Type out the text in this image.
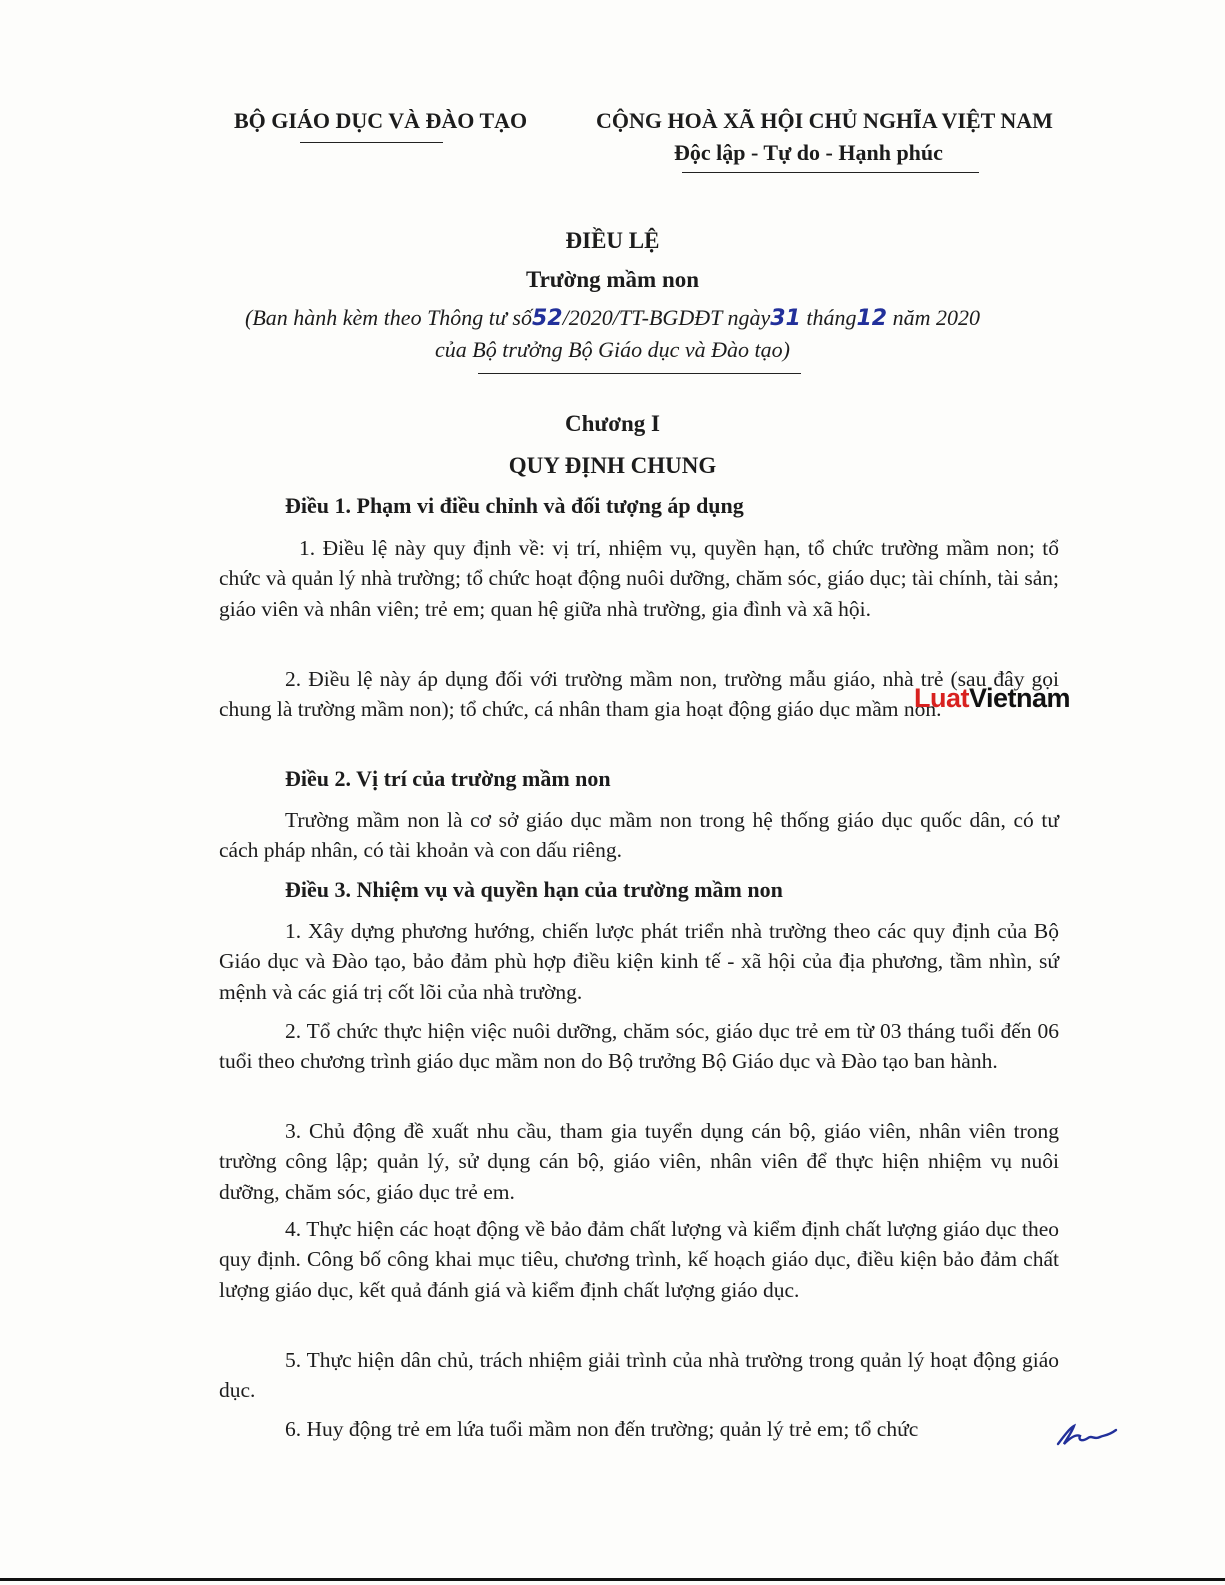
BỘ GIÁO DỤC VÀ ĐÀO TẠO	CỘNG HOÀ XÃ HỘI CHỦ NGHĨA VIỆT NAM
Độc lập - Tự do - Hạnh phúc
ĐIỀU LỆ
Trường mầm non
(Ban hành kèm theo Thông tư số52/2020/TT-BGDĐT ngày31 tháng12 năm 2020
của Bộ trưởng Bộ Giáo dục và Đào tạo)
Chương I
QUY ĐỊNH CHUNG
Điều 1. Phạm vi điều chỉnh và đối tượng áp dụng

1. Điều lệ này quy định về: vị trí, nhiệm vụ, quyền hạn, tổ chức trường mầm non; tổ chức và quản lý nhà trường; tổ chức hoạt động nuôi dưỡng, chăm sóc, giáo dục; tài chính, tài sản; giáo viên và nhân viên; trẻ em; quan hệ giữa nhà trường, gia đình và xã hội.

2. Điều lệ này áp dụng đối với trường mầm non, trường mẫu giáo, nhà trẻ (sau đây gọi chung là trường mầm non); tổ chức, cá nhân tham gia hoạt động giáo dục mầm non.

Điều 2. Vị trí của trường mầm non

Trường mầm non là cơ sở giáo dục mầm non trong hệ thống giáo dục quốc dân, có tư cách pháp nhân, có tài khoản và con dấu riêng.

Điều 3. Nhiệm vụ và quyền hạn của trường mầm non

1. Xây dựng phương hướng, chiến lược phát triển nhà trường theo các quy định của Bộ Giáo dục và Đào tạo, bảo đảm phù hợp điều kiện kinh tế - xã hội của địa phương, tầm nhìn, sứ mệnh và các giá trị cốt lõi của nhà trường.

2. Tổ chức thực hiện việc nuôi dưỡng, chăm sóc, giáo dục trẻ em từ 03 tháng tuổi đến 06 tuổi theo chương trình giáo dục mầm non do Bộ trưởng Bộ Giáo dục và Đào tạo ban hành.

3. Chủ động đề xuất nhu cầu, tham gia tuyển dụng cán bộ, giáo viên, nhân viên trong trường công lập; quản lý, sử dụng cán bộ, giáo viên, nhân viên để thực hiện nhiệm vụ nuôi dưỡng, chăm sóc, giáo dục trẻ em.

4. Thực hiện các hoạt động về bảo đảm chất lượng và kiểm định chất lượng giáo dục theo quy định. Công bố công khai mục tiêu, chương trình, kế hoạch giáo dục, điều kiện bảo đảm chất lượng giáo dục, kết quả đánh giá và kiểm định chất lượng giáo dục.

5. Thực hiện dân chủ, trách nhiệm giải trình của nhà trường trong quản lý hoạt động giáo dục.

6. Huy động trẻ em lứa tuổi mầm non đến trường; quản lý trẻ em; tổ chức

LuatVietnam
